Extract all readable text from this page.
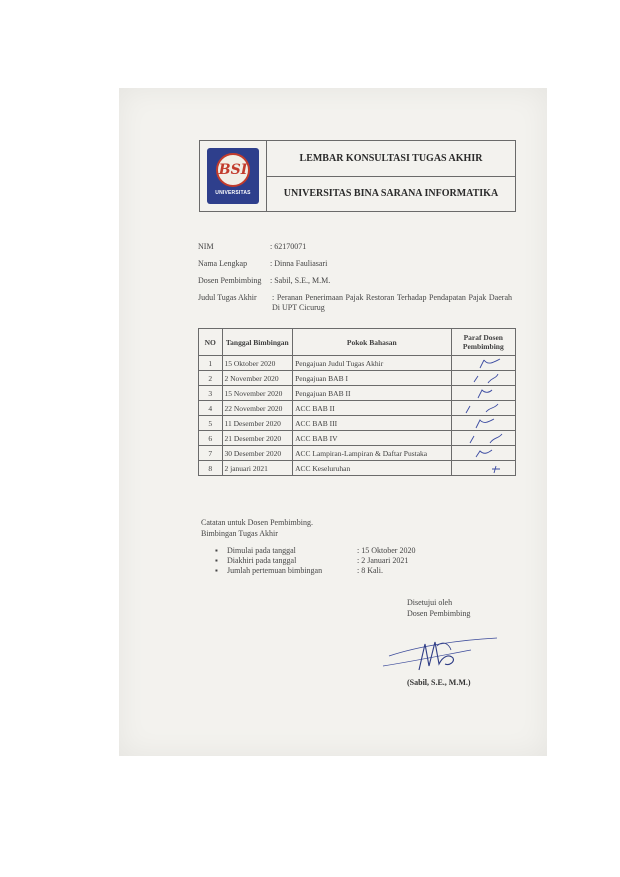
BSI
UNIVERSITAS
LEMBAR KONSULTASI TUGAS AKHIR
UNIVERSITAS BINA SARANA INFORMATIKA
NIM	: 62170071
Nama Lengkap	: Dinna Fauliasari
Dosen Pembimbing	: Sabil, S.E., M.M.
Judul Tugas Akhir	: Peranan Penerimaan Pajak Restoran Terhadap Pendapatan Pajak Daerah Di UPT Cicurug
NO	Tanggal Bimbingan	Pokok Bahasan	Paraf Dosen Pembimbing
1	15 Oktober 2020	Pengajuan Judul Tugas Akhir	

2	2 November 2020	Pengajuan BAB I	

3	15 November 2020	Pengajuan BAB II	

4	22 November 2020	ACC BAB II	

5	11 Desember 2020	ACC BAB III	

6	21 Desember 2020	ACC BAB IV	

7	30 Desember 2020	ACC Lampiran-Lampiran & Daftar Pustaka	

8	2 januari 2021	ACC Keseluruhan	
Catatan untuk Dosen Pembimbing.
Bimbingan Tugas Akhir
▪ Dimulai pada tanggal	: 15 Oktober 2020
▪ Diakhiri pada tanggal	: 2 Januari 2021
▪ Jumlah pertemuan bimbingan	: 8 Kali.
Disetujui oleh
Dosen Pembimbing
(Sabil, S.E., M.M.)
